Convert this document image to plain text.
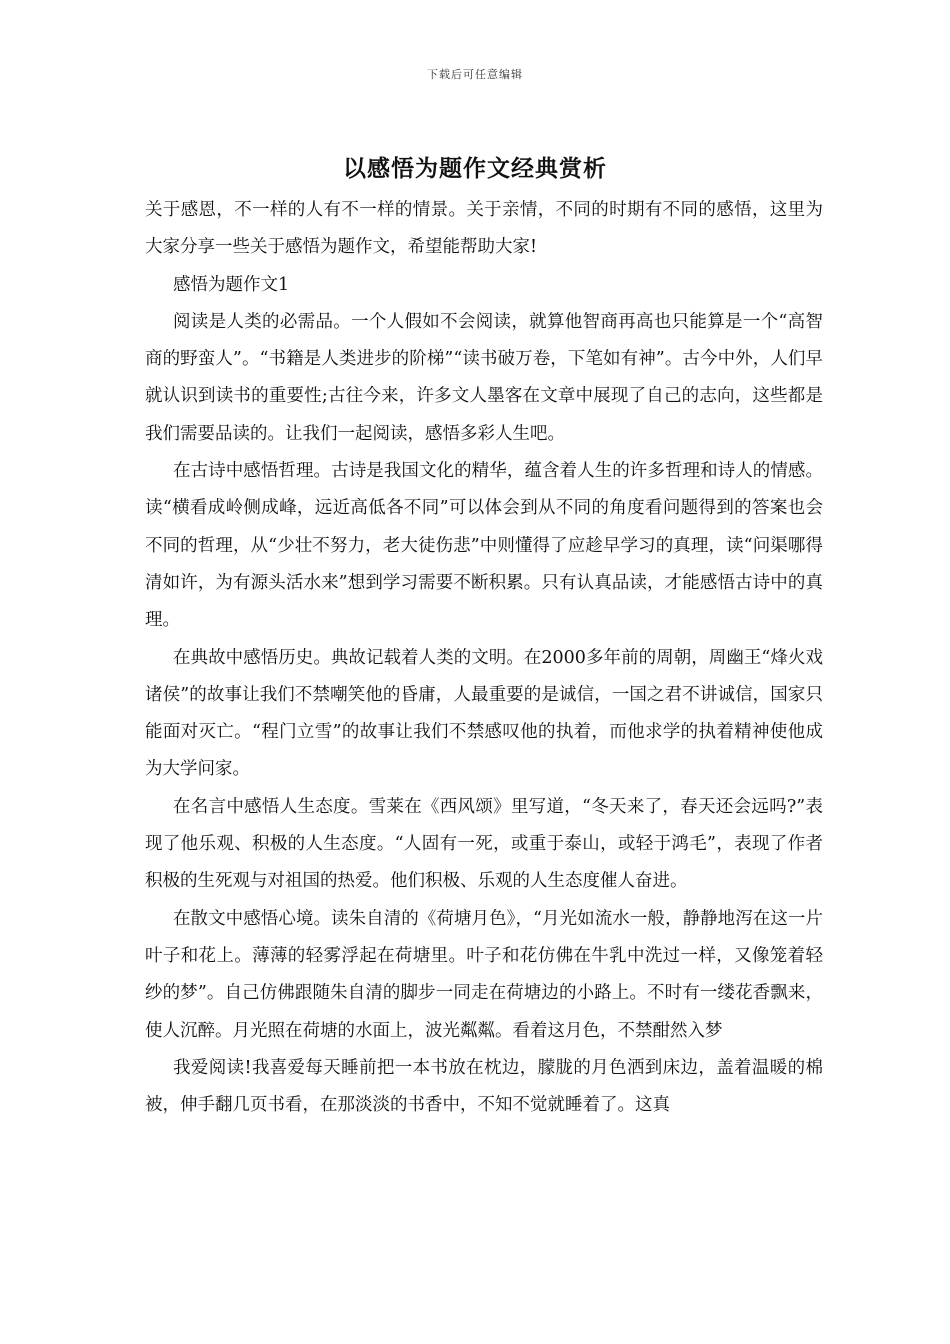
下载后可任意编辑
以感悟为题作文经典赏析

关于感恩，不一样的人有不一样的情景。关于亲情，不同的时期有不同的感悟，这里为大家分享一些关于感悟为题作文，希望能帮助大家!

感悟为题作文1

阅读是人类的必需品。一个人假如不会阅读，就算他智商再高也只能算是一个“高智商的野蛮人”。“书籍是人类进步的阶梯”“读书破万卷，下笔如有神”。古今中外，人们早就认识到读书的重要性;古往今来，许多文人墨客在文章中展现了自己的志向，这些都是我们需要品读的。让我们一起阅读，感悟多彩人生吧。

在古诗中感悟哲理。古诗是我国文化的精华，蕴含着人生的许多哲理和诗人的情感。读“横看成岭侧成峰，远近高低各不同”可以体会到从不同的角度看问题得到的答案也会不同的哲理，从“少壮不努力，老大徒伤悲”中则懂得了应趁早学习的真理，读“问渠哪得清如许，为有源头活水来”想到学习需要不断积累。只有认真品读，才能感悟古诗中的真理。

在典故中感悟历史。典故记载着人类的文明。在2000多年前的周朝，周幽王“烽火戏诸侯”的故事让我们不禁嘲笑他的昏庸，人最重要的是诚信，一国之君不讲诚信，国家只能面对灭亡。“程门立雪”的故事让我们不禁感叹他的执着，而他求学的执着精神使他成为大学问家。

在名言中感悟人生态度。雪莱在《西风颂》里写道，“冬天来了，春天还会远吗?”表现了他乐观、积极的人生态度。“人固有一死，或重于泰山，或轻于鸿毛”，表现了作者积极的生死观与对祖国的热爱。他们积极、乐观的人生态度催人奋进。

在散文中感悟心境。读朱自清的《荷塘月色》，“月光如流水一般，静静地泻在这一片叶子和花上。薄薄的轻雾浮起在荷塘里。叶子和花仿佛在牛乳中洗过一样，又像笼着轻纱的梦”。自己仿佛跟随朱自清的脚步一同走在荷塘边的小路上。不时有一缕花香飘来，使人沉醉。月光照在荷塘的水面上，波光粼粼。看着这月色，不禁酣然入梦

我爱阅读!我喜爱每天睡前把一本书放在枕边，朦胧的月色洒到床边，盖着温暖的棉被，伸手翻几页书看，在那淡淡的书香中，不知不觉就睡着了。这真
